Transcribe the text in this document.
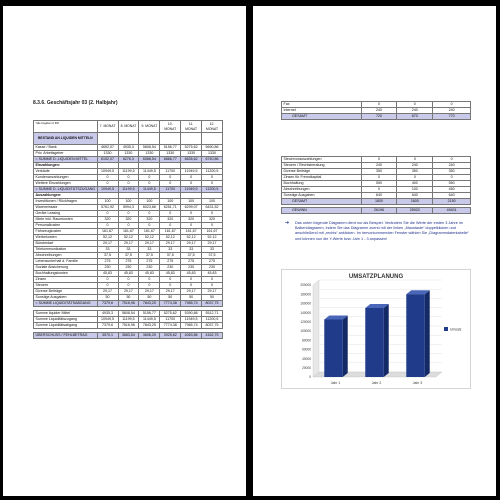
8.3.6. Geschäftsjahr 03 (2. Halbjahr)
*alle Angaben in €/R	7. MONAT	8. MONAT	9. MONAT	10. MONAT	11. MONAT	12. MONAT
BESTAND AN LIQUIDEN MITTELN						
Kasse / Bank	4692,07	4935,3	5808,54	5156,77	5275,62	5690,86
Priv. Arbeitsgeber	1330	1330	1330	1330	1330	1330
= SUMME D. LIQUIDEN MITTEL	6152,07	6276,3	6588,54	6866,77	6635,62	6740,86
Einzahlungen:						
Verkäufe	10949,5	11199,5	11449,5	11700	11949,5	11200,5
Kundenanzahlungen	0	0	0	0	0	0
Weitere Einzahlungen	0	0	0	0	0	0
= SUMME D. LIQUIDITÄTSZUGANG	10949,5	11199,5	11449,5	11700	11949,5	11200,5
Auszahlungen:						
Investitionen / Rückfragen	100	100	100	100	100	100
Wareneinsatz	5761,92	5994,3	6023,66	6251,71	6299,07	6431,52
Geräte Leasing	0	0	0	0	0	0
Miete inkl. Raumkosten	320	320	320	320	320	320
Personalkosten	0	0	0	0	0	0
Fahrzeugkosten	161,67	161,67	161,67	161,67	161,67	161,67
Werbekosten	52,12	52,12	52,12	52,12	52,12	52,12
Bürobedarf	29,17	29,17	29,17	29,17	29,17	29,17
Telekommunikation	33	33	33	33	33	33
Abschreibungen	37,5	37,5	37,5	37,5	37,5	37,5
Lebensunterhalt d. Familie	275	275	275	275	275	275
Soziale Absicherung	230	230	230	230	230	230
Buchhaltungskosten	45,83	45,83	45,83	45,83	45,83	45,83
Zinsen	0	0	0	0	0	0
Steuern	0	0	0	0	0	0
Diverse Beiträge	29,17	29,17	29,17	29,17	29,17	29,17
Sonstige Ausgaben	50	50	50	50	50	50
= SUMME LIQUIDITÄTSABGANG	7379,6	7516,96	7843,25	7774,38	7985,74	8037,75

Summe liquider Mittel	4935,3	5808,54	5156,77	5275,62	5390,86	5512,71
Summe Liquiditätszugang	10949,5	11199,5	11449,5	11700	11949,5	11200,5
Summe Liquiditätsabgang	7379,6	7516,96	7843,25	7774,38	7985,74	8037,75

ÜBERSCHUSS / FEHLBETRAG	3570,1	3683,54	3606,25	3925,62	4063,86	4162,75
Fax	0	0	0
Internet	240	240	240
GESAMT	720	670	770
Steuervorauszahlungen	0	0	0
Steuern / Rechtsberatung	240	240	240
Diverse Beiträge	350	350	350
Zinsen für Fremdkapital	0	0	0
Buchhaltung	550	400	550
Abschreibungen	0	100	450
Sonstige Ausgaben	640	640	640
GESAMT	1800	1600	2150
GEWINN	26196	25920	49401
➔ Das unten folgende Diagramm dient nur als Beispiel. Verändern Sie die Werte der ersten 3 Jahre im Balkendiagramm, indem Sie das Diagramm zuerst mit der linken „Maustaste“ doppelklicken und anschließend mit „rechts“ anklicken. Im hervorkommenden Fenster wählen Sie „Diagrammdatentabelle“ und können nun die Y-Werte bzw. Jahr 1 - 3 anpassen!
UMSATZPLANUNG
0
20000
40000
60000
80000
100000
120000
140000
160000
180000
200000
Jahr 1	Jahr 2	Jahr 3
Umsatz
